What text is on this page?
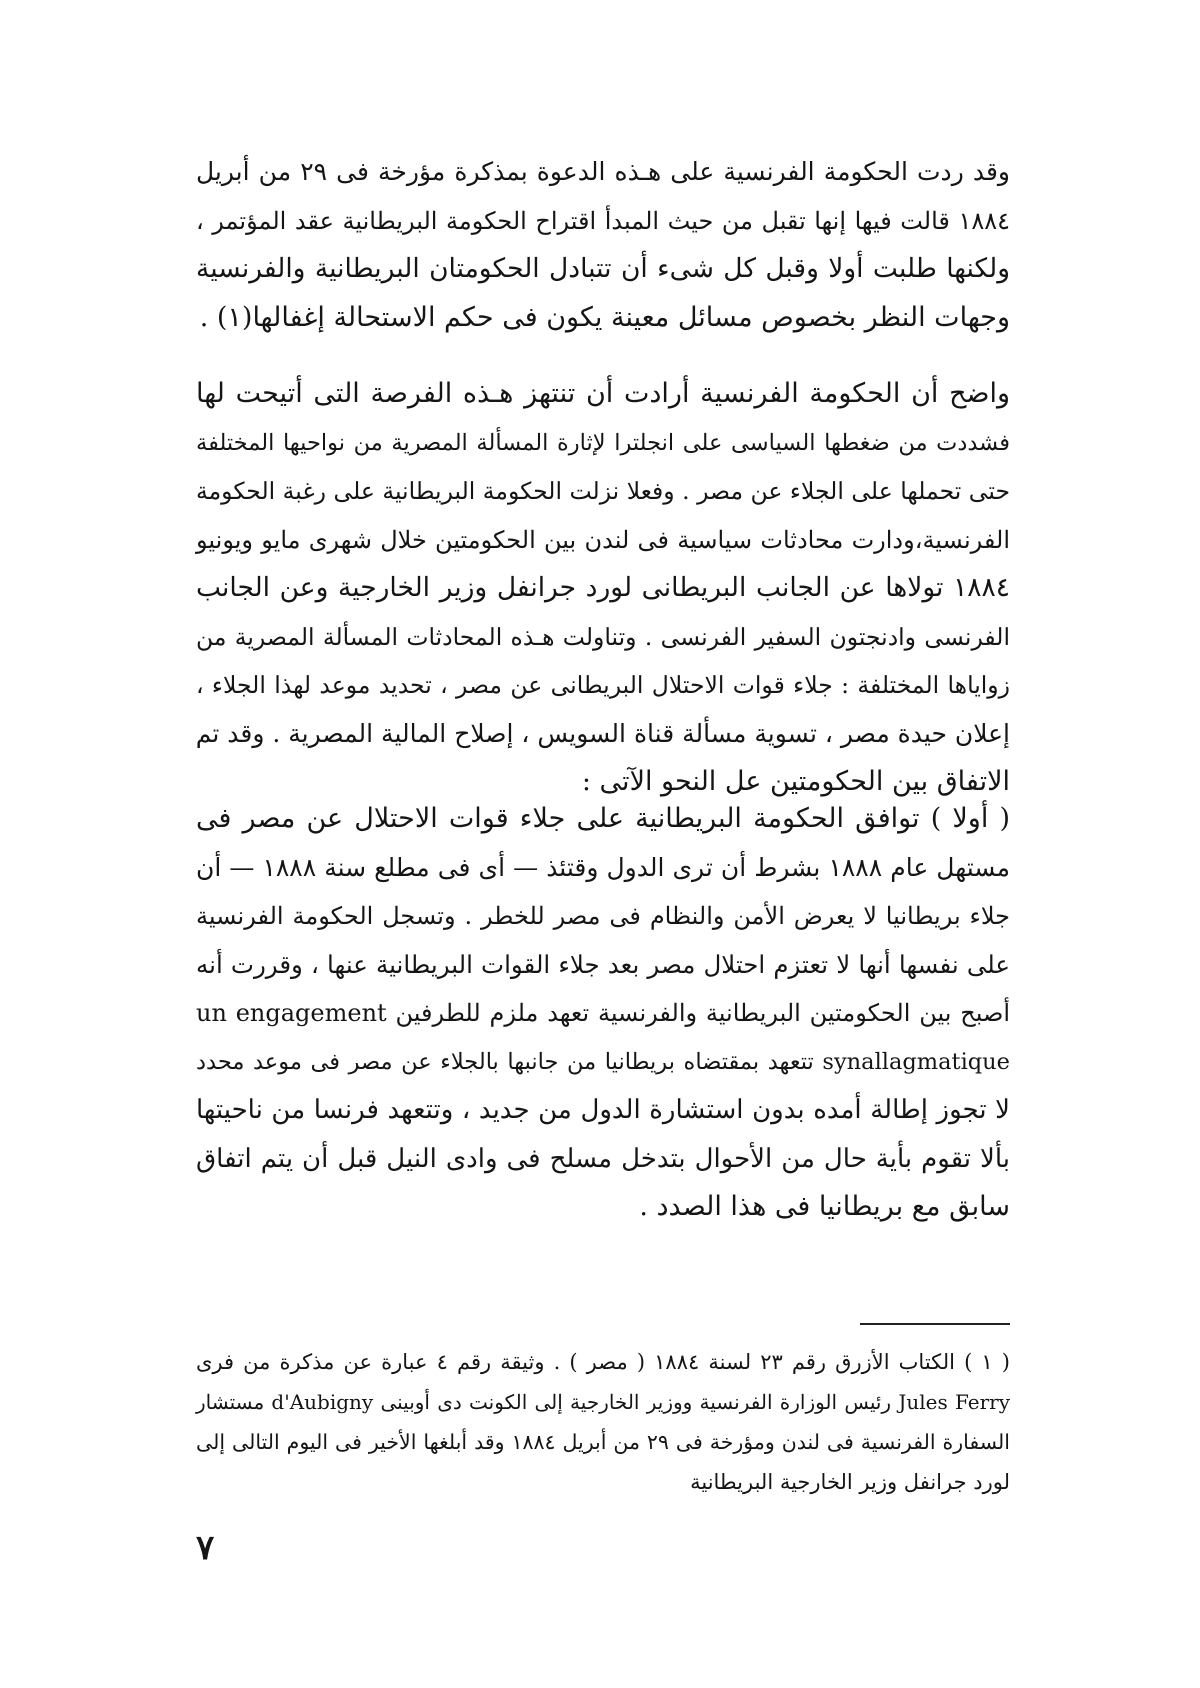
وقد ردت الحكومة الفرنسية على هـذه الدعوة بمذكرة مؤرخة فى ٢٩ من أبريل
١٨٨٤ قالت فيها إنها تقبل من حيث المبدأ اقتراح الحكومة البريطانية عقد المؤتمر ،
ولكنها طلبت أولا وقبل كل شىء أن تتبادل الحكومتان البريطانية والفرنسية
وجهات النظر بخصوص مسائل معينة يكون فى حكم الاستحالة إغفالها(١) .
واضح أن الحكومة الفرنسية أرادت أن تنتهز هـذه الفرصة التى أتيحت لها
فشددت من ضغطها السياسى على انجلترا لإثارة المسألة المصرية من نواحيها المختلفة
حتى تحملها على الجلاء عن مصر . وفعلا نزلت الحكومة البريطانية على رغبة الحكومة
الفرنسية،ودارت محادثات سياسية فى لندن بين الحكومتين خلال شهرى مايو ويونيو
١٨٨٤ تولاها عن الجانب البريطانى لورد جرانفل وزير الخارجية وعن الجانب
الفرنسى وادنجتون السفير الفرنسى . وتناولت هـذه المحادثات المسألة المصرية من
زواياها المختلفة : جلاء قوات الاحتلال البريطانى عن مصر ، تحديد موعد لهذا الجلاء ،
إعلان حيدة مصر ، تسوية مسألة قناة السويس ، إصلاح المالية المصرية . وقد تم
الاتفاق بين الحكومتين عل النحو الآتى :
( أولا ) توافق الحكومة البريطانية على جلاء قوات الاحتلال عن مصر فى
مستهل عام ١٨٨٨ بشرط أن ترى الدول وقتئذ — أى فى مطلع سنة ١٨٨٨ — أن
جلاء بريطانيا لا يعرض الأمن والنظام فى مصر للخطر . وتسجل الحكومة الفرنسية
على نفسها أنها لا تعتزم احتلال مصر بعد جلاء القوات البريطانية عنها ، وقررت أنه
أصبح بين الحكومتين البريطانية والفرنسية تعهد ملزم للطرفين un engagement
synallagmatique تتعهد بمقتضاه بريطانيا من جانبها بالجلاء عن مصر فى موعد محدد
لا تجوز إطالة أمده بدون استشارة الدول من جديد ، وتتعهد فرنسا من ناحيتها
بألا تقوم بأية حال من الأحوال بتدخل مسلح فى وادى النيل قبل أن يتم اتفاق
سابق مع بريطانيا فى هذا الصدد .
( ١ ) الكتاب الأزرق رقم ٢٣ لسنة ١٨٨٤ ( مصر ) . وثيقة رقم ٤ عبارة عن مذكرة من فرى
Jules Ferry رئيس الوزارة الفرنسية ووزير الخارجية إلى الكونت دى أوبينى d'Aubigny مستشار
السفارة الفرنسية فى لندن ومؤرخة فى ٢٩ من أبريل ١٨٨٤ وقد أبلغها الأخير فى اليوم التالى إلى
لورد جرانفل وزير الخارجية البريطانية
٧
